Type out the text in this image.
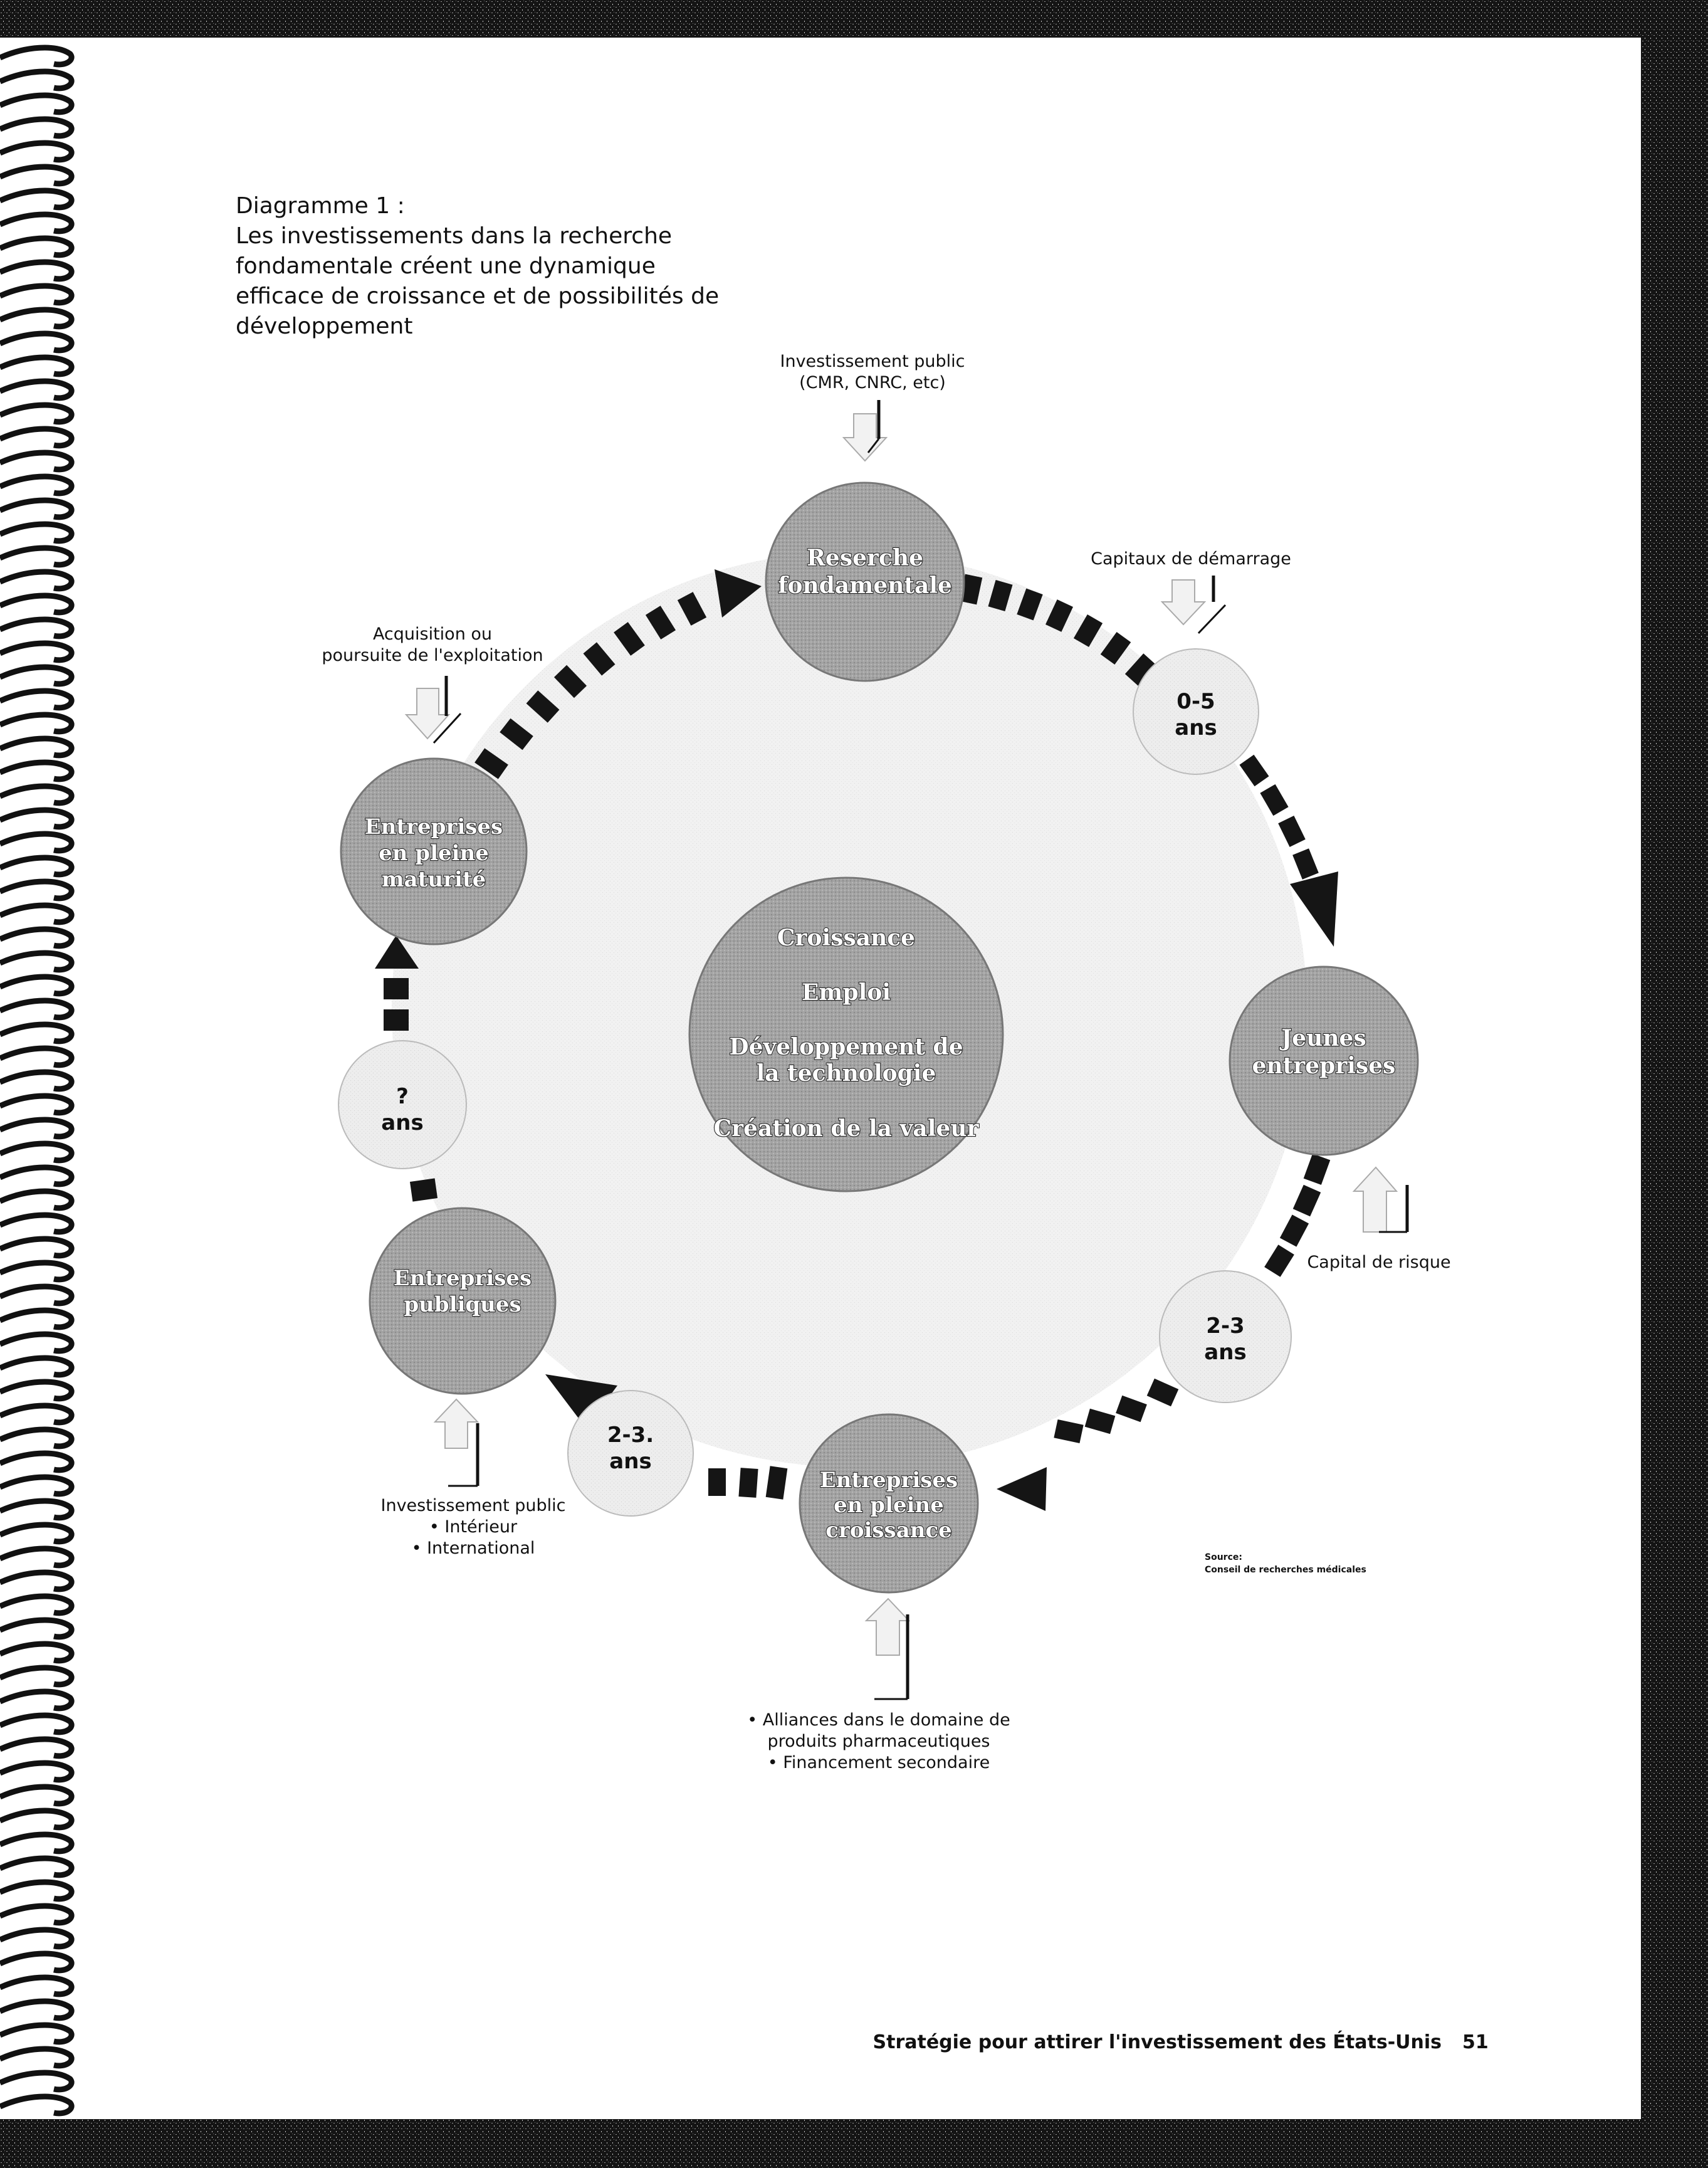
Diagramme 1 :
Les investissements dans la recherche
fondamentale créent une dynamique
efficace de croissance et de possibilités de
développement
Reserche
fondamentale
Jeunes
entreprises
Entreprises
en pleine
croissance
Entreprises
publiques
Entreprises
en pleine
maturité
Croissance
Emploi
Développement de
la technologie
Création de la valeur
0-5
ans
2-3
ans
2-3.
ans
?
ans
Investissement public
(CMR, CNRC, etc)
Capitaux de démarrage
Capital de risque
• Alliances dans le domaine de
produits pharmaceutiques
• Financement secondaire
Investissement public
• Intérieur
• International
Acquisition ou
poursuite de l'exploitation
Source:
Conseil de recherches médicales
Stratégie pour attirer l'investissement des États-Unis 51
